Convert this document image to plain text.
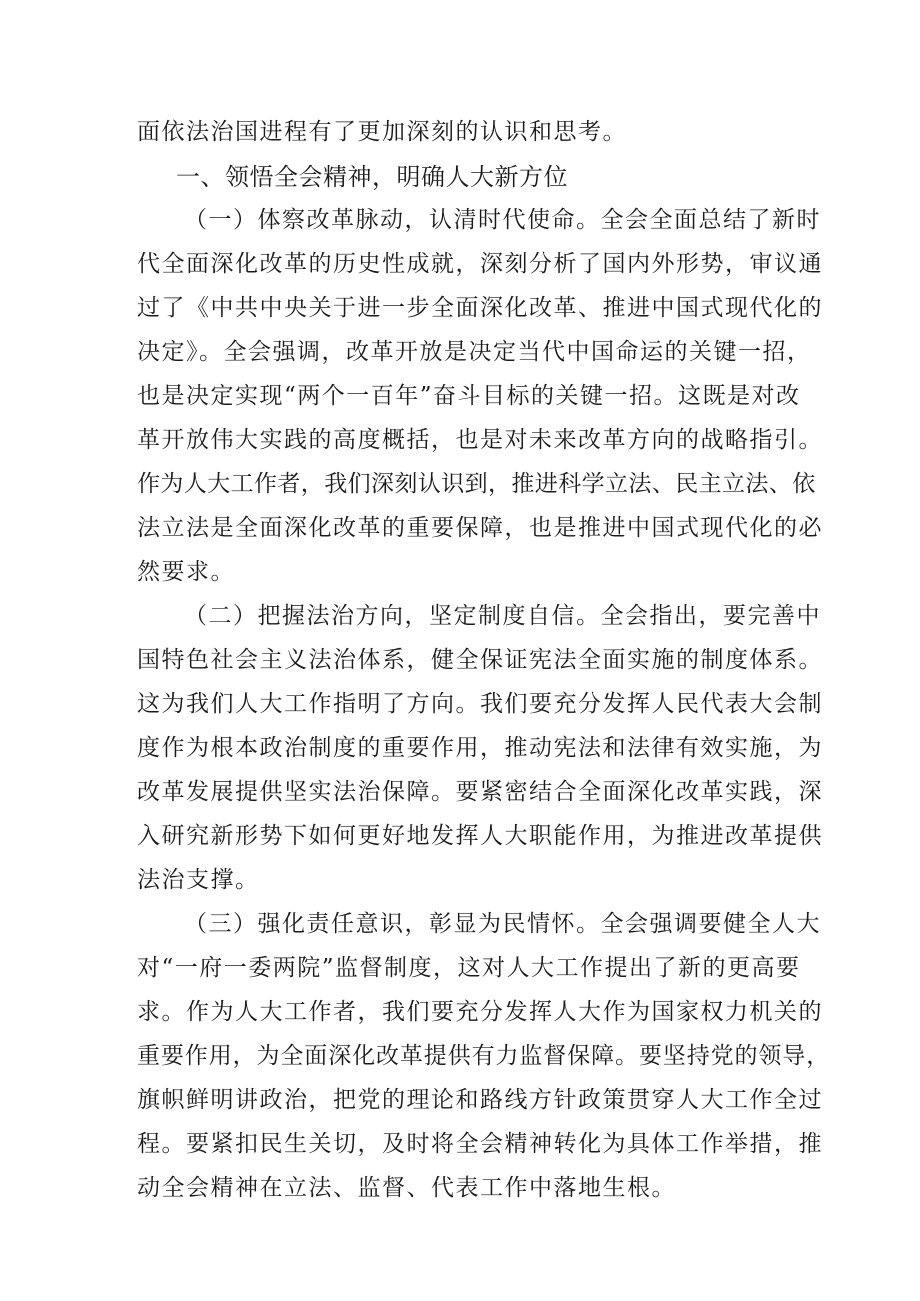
面依法治国进程有了更加深刻的认识和思考。
一、领悟全会精神，明确人大新方位
（一）体察改革脉动，认清时代使命。全会全面总结了新时
代全面深化改革的历史性成就，深刻分析了国内外形势，审议通
过了《中共中央关于进一步全面深化改革、推进中国式现代化的
决定》。全会强调，改革开放是决定当代中国命运的关键一招，
也是决定实现“两个一百年”奋斗目标的关键一招。这既是对改
革开放伟大实践的高度概括，也是对未来改革方向的战略指引。
作为人大工作者，我们深刻认识到，推进科学立法、民主立法、依
法立法是全面深化改革的重要保障，也是推进中国式现代化的必
然要求。
（二）把握法治方向，坚定制度自信。全会指出，要完善中
国特色社会主义法治体系，健全保证宪法全面实施的制度体系。
这为我们人大工作指明了方向。我们要充分发挥人民代表大会制
度作为根本政治制度的重要作用，推动宪法和法律有效实施，为
改革发展提供坚实法治保障。要紧密结合全面深化改革实践，深
入研究新形势下如何更好地发挥人大职能作用，为推进改革提供
法治支撑。
（三）强化责任意识，彰显为民情怀。全会强调要健全人大
对“一府一委两院”监督制度，这对人大工作提出了新的更高要
求。作为人大工作者，我们要充分发挥人大作为国家权力机关的
重要作用，为全面深化改革提供有力监督保障。要坚持党的领导，
旗帜鲜明讲政治，把党的理论和路线方针政策贯穿人大工作全过
程。要紧扣民生关切，及时将全会精神转化为具体工作举措，推
动全会精神在立法、监督、代表工作中落地生根。
